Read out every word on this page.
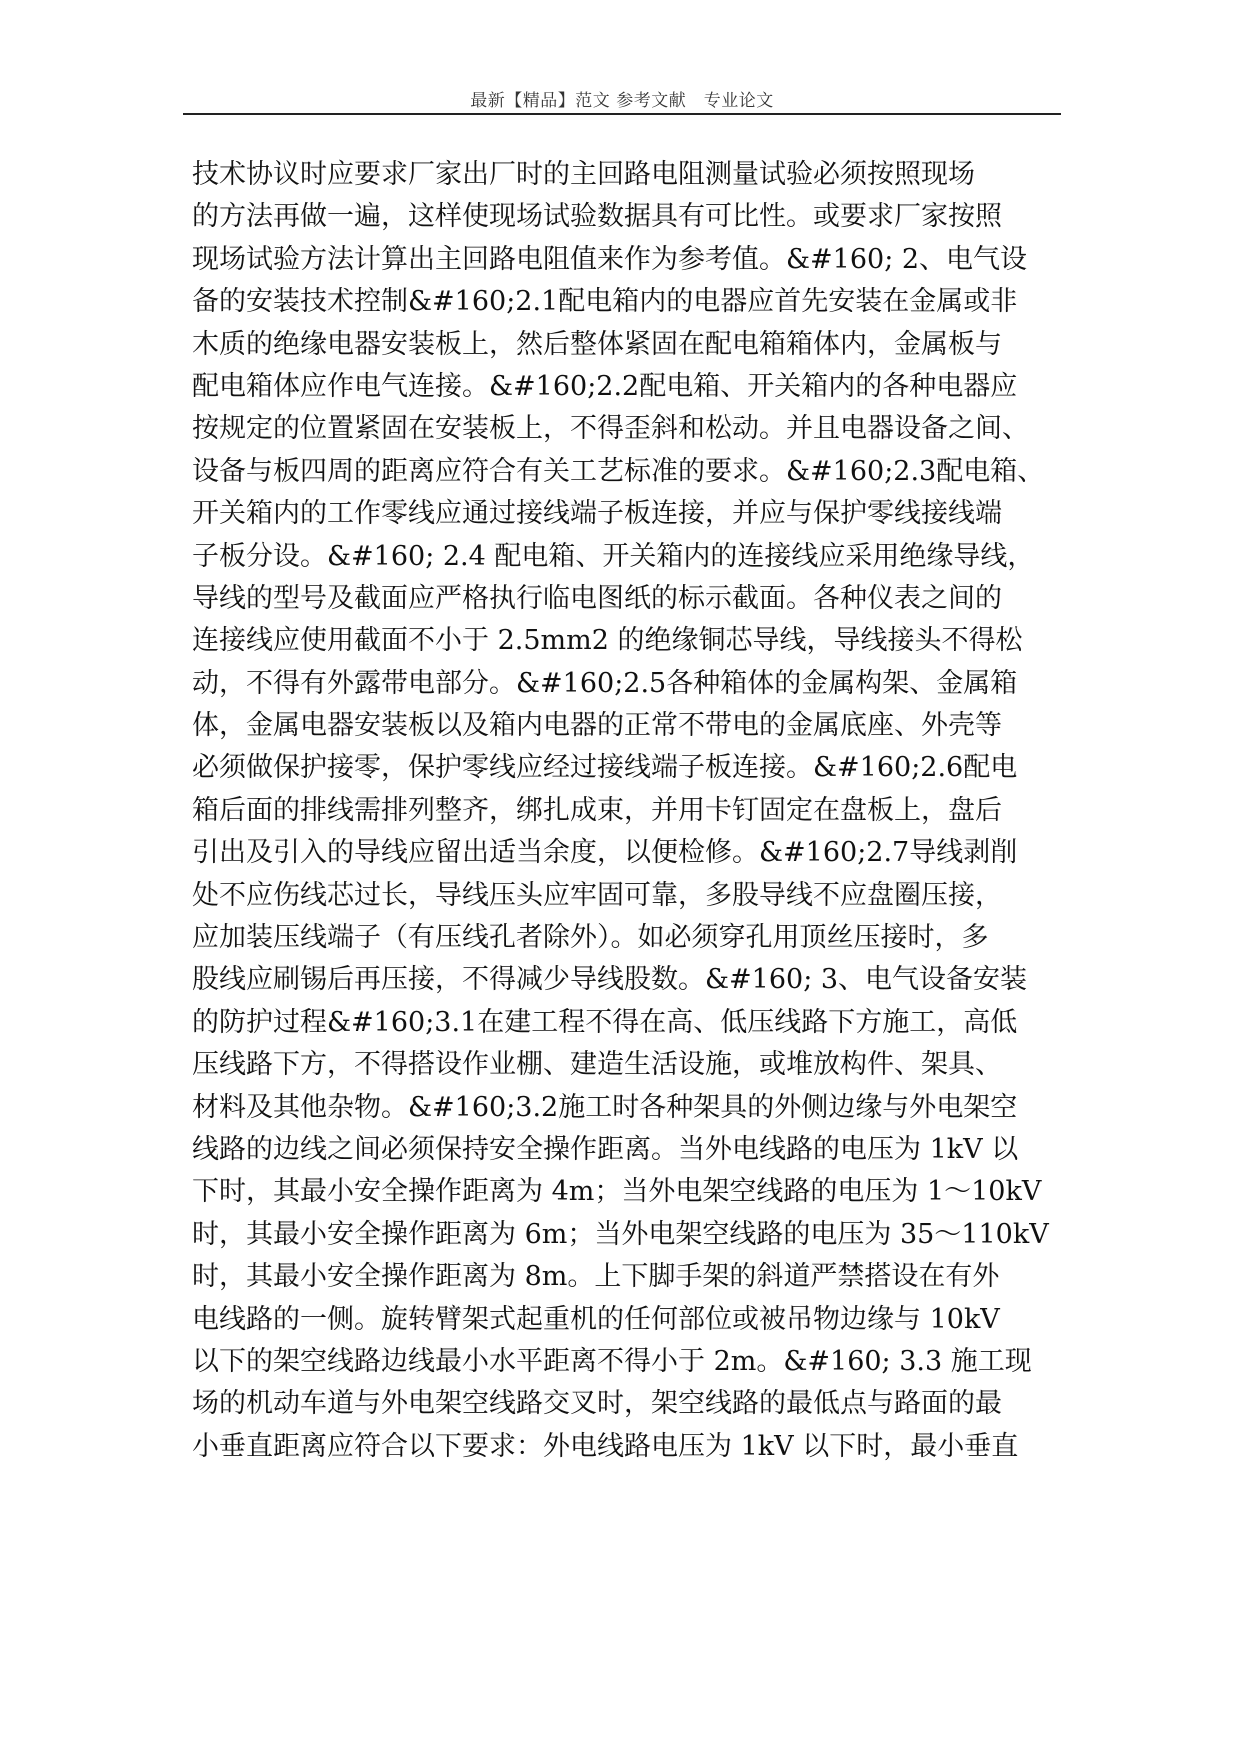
最新【精品】范文 参考文献　专业论文
技术协议时应要求厂家出厂时的主回路电阻测量试验必须按照现场
的方法再做一遍，这样使现场试验数据具有可比性。或要求厂家按照
现场试验方法计算出主回路电阻值来作为参考值。&#160; 2、电气设
备的安装技术控制&#160;2.1配电箱内的电器应首先安装在金属或非
木质的绝缘电器安装板上，然后整体紧固在配电箱箱体内，金属板与
配电箱体应作电气连接。&#160;2.2配电箱、开关箱内的各种电器应
按规定的位置紧固在安装板上，不得歪斜和松动。并且电器设备之间、
设备与板四周的距离应符合有关工艺标准的要求。&#160;2.3配电箱、
开关箱内的工作零线应通过接线端子板连接，并应与保护零线接线端
子板分设。&#160; 2.4 配电箱、开关箱内的连接线应采用绝缘导线，
导线的型号及截面应严格执行临电图纸的标示截面。各种仪表之间的
连接线应使用截面不小于 2.5mm2 的绝缘铜芯导线，导线接头不得松
动，不得有外露带电部分。&#160;2.5各种箱体的金属构架、金属箱
体，金属电器安装板以及箱内电器的正常不带电的金属底座、外壳等
必须做保护接零，保护零线应经过接线端子板连接。&#160;2.6配电
箱后面的排线需排列整齐，绑扎成束，并用卡钉固定在盘板上，盘后
引出及引入的导线应留出适当余度，以便检修。&#160;2.7导线剥削
处不应伤线芯过长，导线压头应牢固可靠，多股导线不应盘圈压接，
应加装压线端子（有压线孔者除外）。如必须穿孔用顶丝压接时，多
股线应刷锡后再压接，不得减少导线股数。&#160; 3、电气设备安装
的防护过程&#160;3.1在建工程不得在高、低压线路下方施工，高低
压线路下方，不得搭设作业棚、建造生活设施，或堆放构件、架具、
材料及其他杂物。&#160;3.2施工时各种架具的外侧边缘与外电架空
线路的边线之间必须保持安全操作距离。当外电线路的电压为 1kV 以
下时，其最小安全操作距离为 4m；当外电架空线路的电压为 1～10kV
时，其最小安全操作距离为 6m；当外电架空线路的电压为 35～110kV
时，其最小安全操作距离为 8m。上下脚手架的斜道严禁搭设在有外
电线路的一侧。旋转臂架式起重机的任何部位或被吊物边缘与 10kV
以下的架空线路边线最小水平距离不得小于 2m。&#160; 3.3 施工现
场的机动车道与外电架空线路交叉时，架空线路的最低点与路面的最
小垂直距离应符合以下要求：外电线路电压为 1kV 以下时，最小垂直
